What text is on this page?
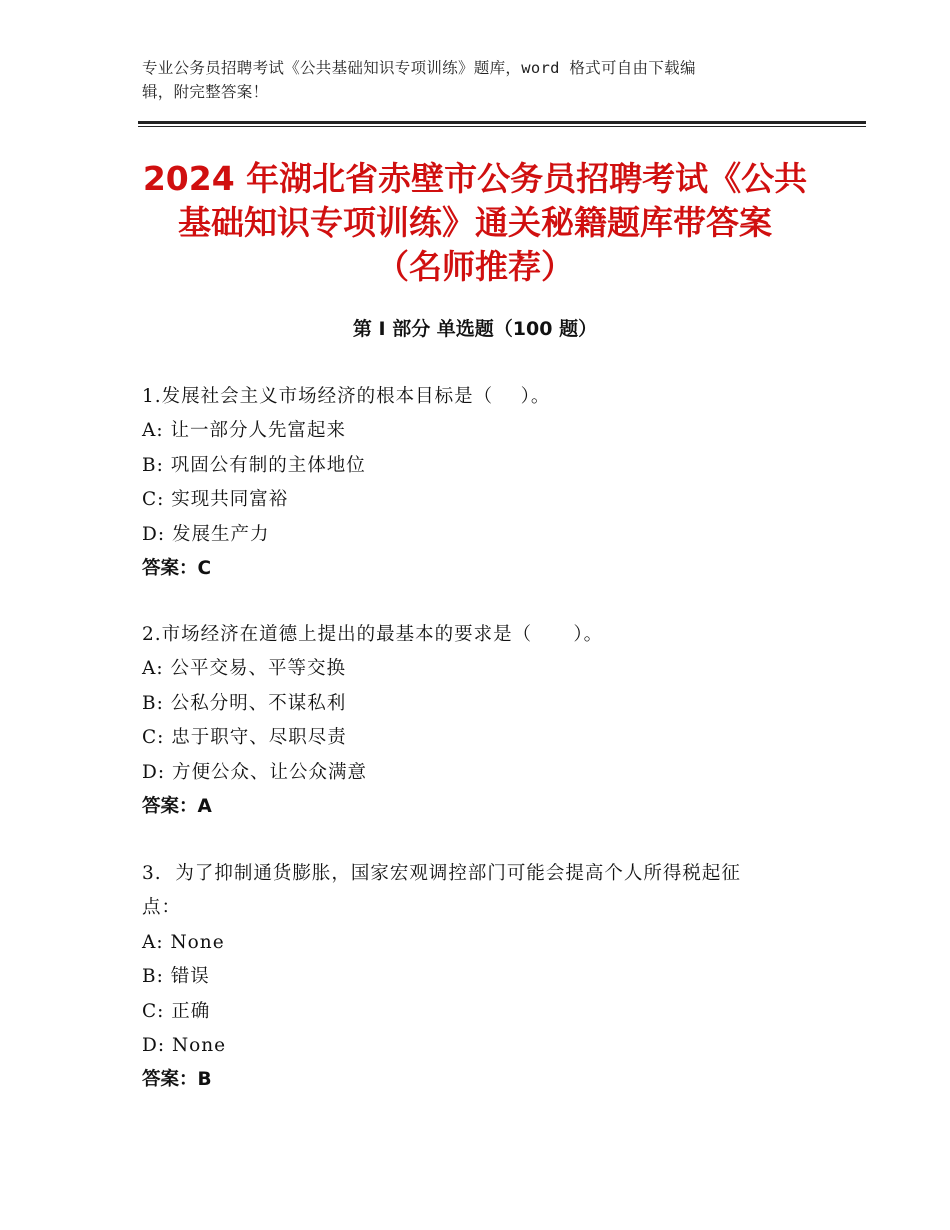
专业公务员招聘考试《公共基础知识专项训练》题库，word 格式可自由下载编
辑，附完整答案！
2024 年湖北省赤壁市公务员招聘考试《公共
基础知识专项训练》通关秘籍题库带答案
（名师推荐）
第 I 部分 单选题（100 题）
1.发展社会主义市场经济的根本目标是（    ）。
A: 让一部分人先富起来
B: 巩固公有制的主体地位
C: 实现共同富裕
D: 发展生产力
答案：C
2.市场经济在道德上提出的最基本的要求是（      ）。
A: 公平交易、平等交换
B: 公私分明、不谋私利
C: 忠于职守、尽职尽责
D: 方便公众、让公众满意
答案：A
3.  为了抑制通货膨胀，国家宏观调控部门可能会提高个人所得税起征
点：
A: None
B: 错误
C: 正确
D: None
答案：B
